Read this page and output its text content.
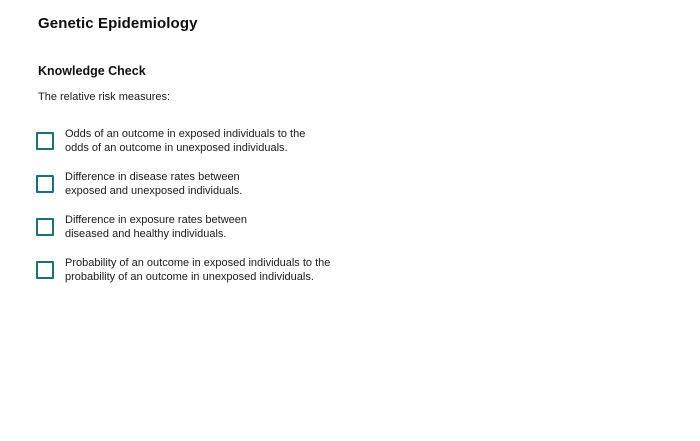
Genetic Epidemiology
Knowledge Check
The relative risk measures:
Odds of an outcome in exposed individuals to the
odds of an outcome in unexposed individuals.
Difference in disease rates between
exposed and unexposed individuals.
Difference in exposure rates between
diseased and healthy individuals.
Probability of an outcome in exposed individuals to the
probability of an outcome in unexposed individuals.
